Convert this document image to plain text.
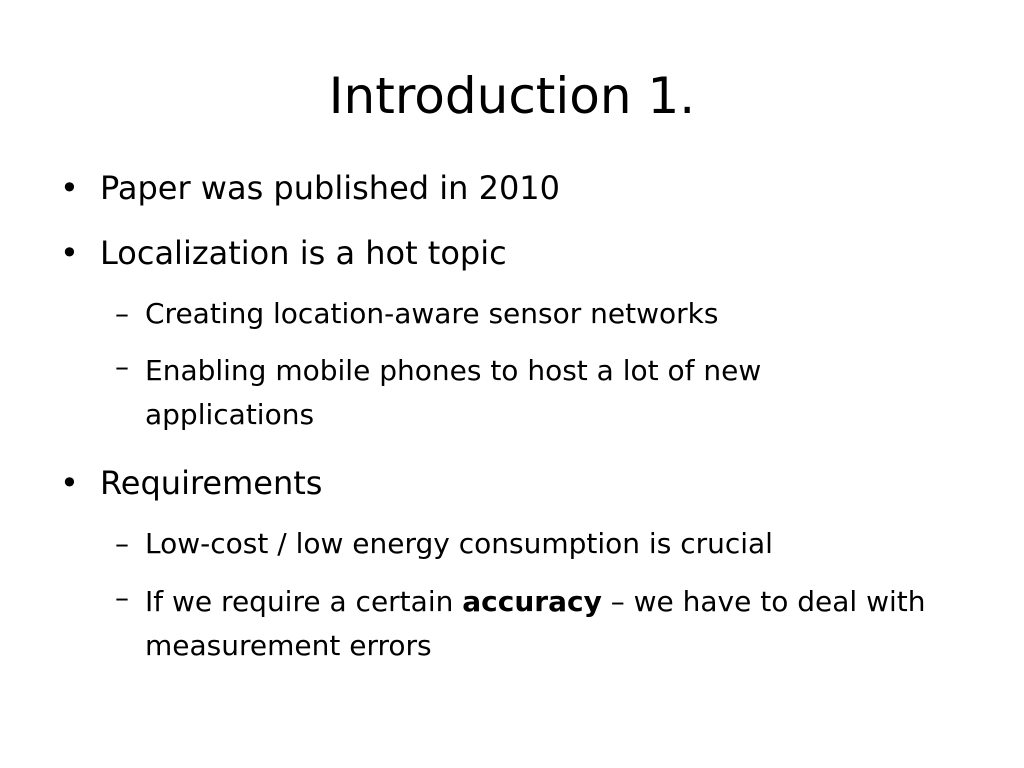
Introduction 1.
• Paper was published in 2010
• Localization is a hot topic
– Creating location-aware sensor networks
– Enabling mobile phones to host a lot of new applications
• Requirements
– Low-cost / low energy consumption is crucial
– If we require a certain accuracy – we have to deal with measurement errors
